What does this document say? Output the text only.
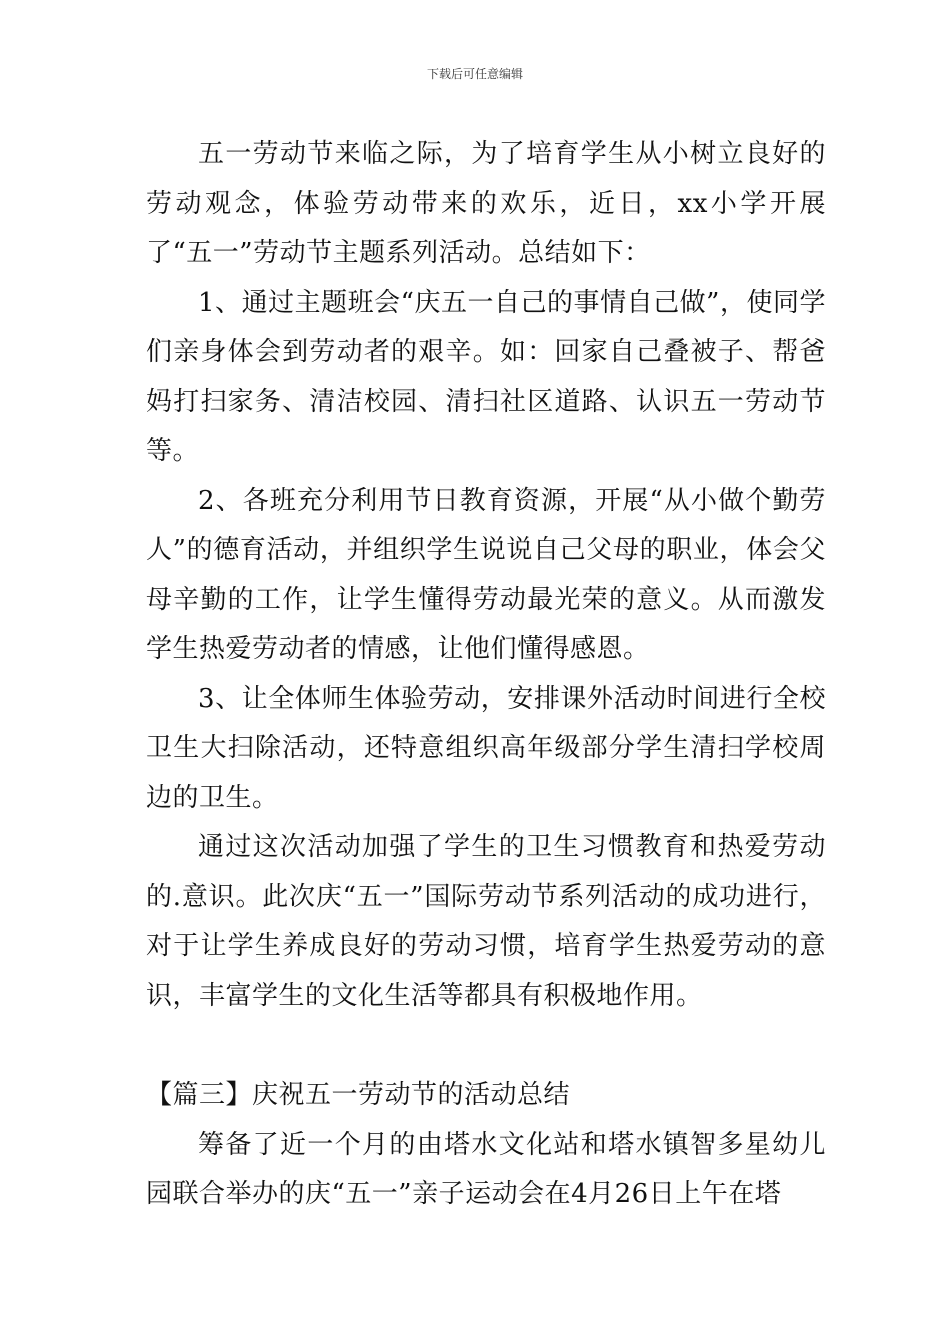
下载后可任意编辑

五一劳动节来临之际，为了培育学生从小树立良好的劳动观念，体验劳动带来的欢乐，近日，xx小学开展了“五一”劳动节主题系列活动。总结如下：

1、通过主题班会“庆五一自己的事情自己做”，使同学们亲身体会到劳动者的艰辛。如：回家自己叠被子、帮爸妈打扫家务、清洁校园、清扫社区道路、认识五一劳动节等。

2、各班充分利用节日教育资源，开展“从小做个勤劳人”的德育活动，并组织学生说说自己父母的职业，体会父母辛勤的工作，让学生懂得劳动最光荣的意义。从而激发学生热爱劳动者的情感，让他们懂得感恩。

3、让全体师生体验劳动，安排课外活动时间进行全校卫生大扫除活动，还特意组织高年级部分学生清扫学校周边的卫生。

通过这次活动加强了学生的卫生习惯教育和热爱劳动的.意识。此次庆“五一”国际劳动节系列活动的成功进行，对于让学生养成良好的劳动习惯，培育学生热爱劳动的意识，丰富学生的文化生活等都具有积极地作用。

【篇三】庆祝五一劳动节的活动总结

筹备了近一个月的由塔水文化站和塔水镇智多星幼儿园联合举办的庆“五一”亲子运动会在4月26日上午在塔
